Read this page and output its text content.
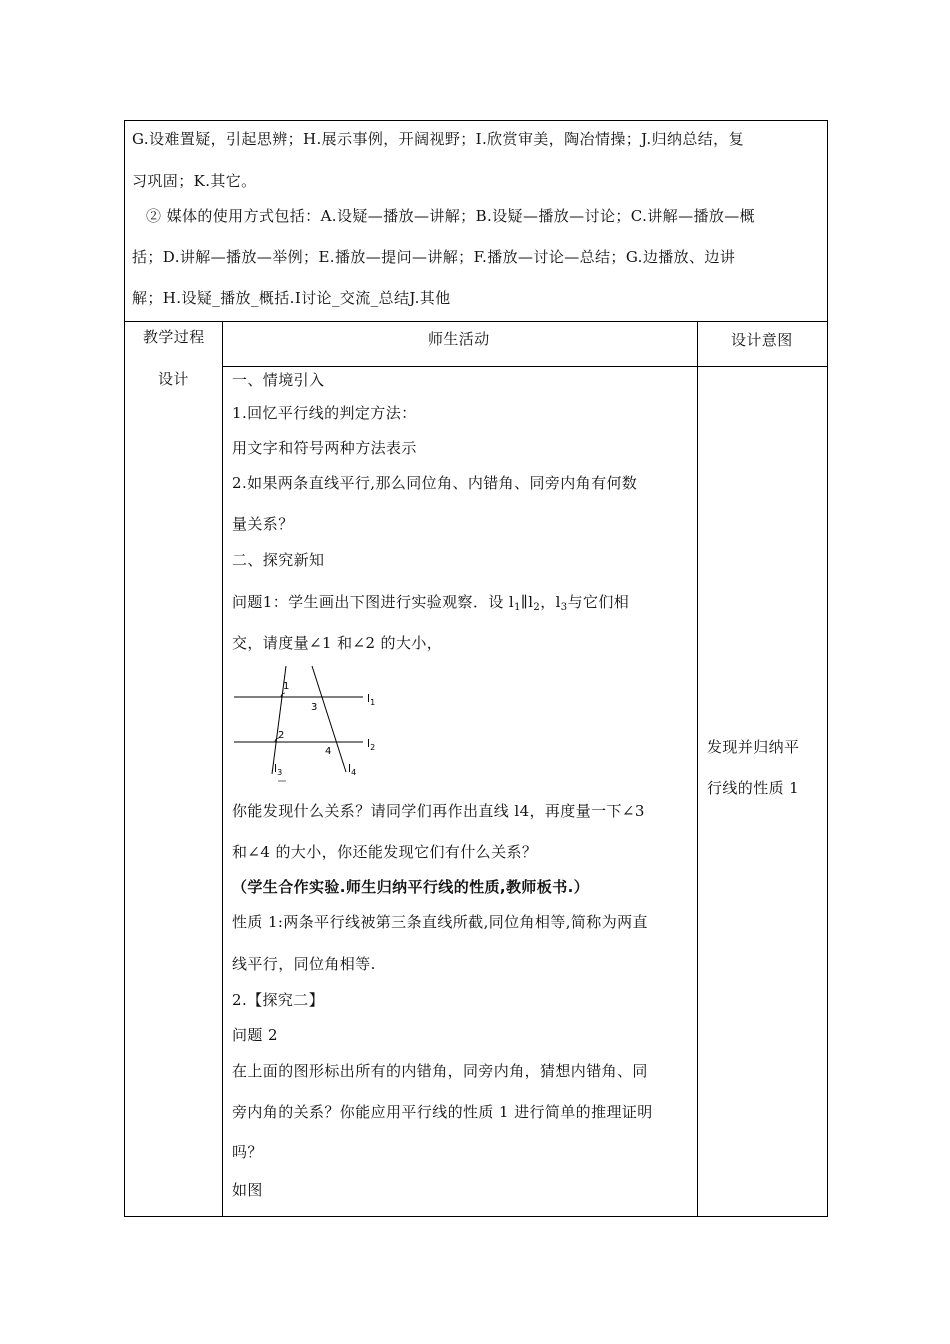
G.设难置疑，引起思辨；H.展示事例，开阔视野；I.欣赏审美，陶冶情操；J.归纳总结，复
习巩固；K.其它。
② 媒体的使用方式包括：A.设疑—播放—讲解；B.设疑—播放—讨论；C.讲解—播放—概
括；D.讲解—播放—举例；E.播放—提问—讲解；F.播放—讨论—总结；G.边播放、边讲
解；H.设疑_播放_概括.I讨论_交流_总结J.其他
教学过程
设计
师生活动	设计意图
一、情境引入
1.回忆平行线的判定方法：
用文字和符号两种方法表示
2.如果两条直线平行,那么同位角、内错角、同旁内角有何数
量关系？
二、探究新知
问题1：学生画出下图进行实验观察．设 $l_1\parallel l_2$，$l_3$与它们相
交，请度量∠1 和∠2 的大小，
1
2
3
4
$l_1$
$l_2$
$l_3$	$l_4$
你能发现什么关系？请同学们再作出直线 l4，再度量一下∠3
和∠4 的大小，你还能发现它们有什么关系？
（学生合作实验.师生归纳平行线的性质,教师板书.）
性质 1:两条平行线被第三条直线所截,同位角相等,简称为两直
线平行，同位角相等.
2.【探究二】
问题 2
在上面的图形标出所有的内错角，同旁内角，猜想内错角、同
旁内角的关系？你能应用平行线的性质 1 进行简单的推理证明
吗？
如图
发现并归纳平
行线的性质 1
